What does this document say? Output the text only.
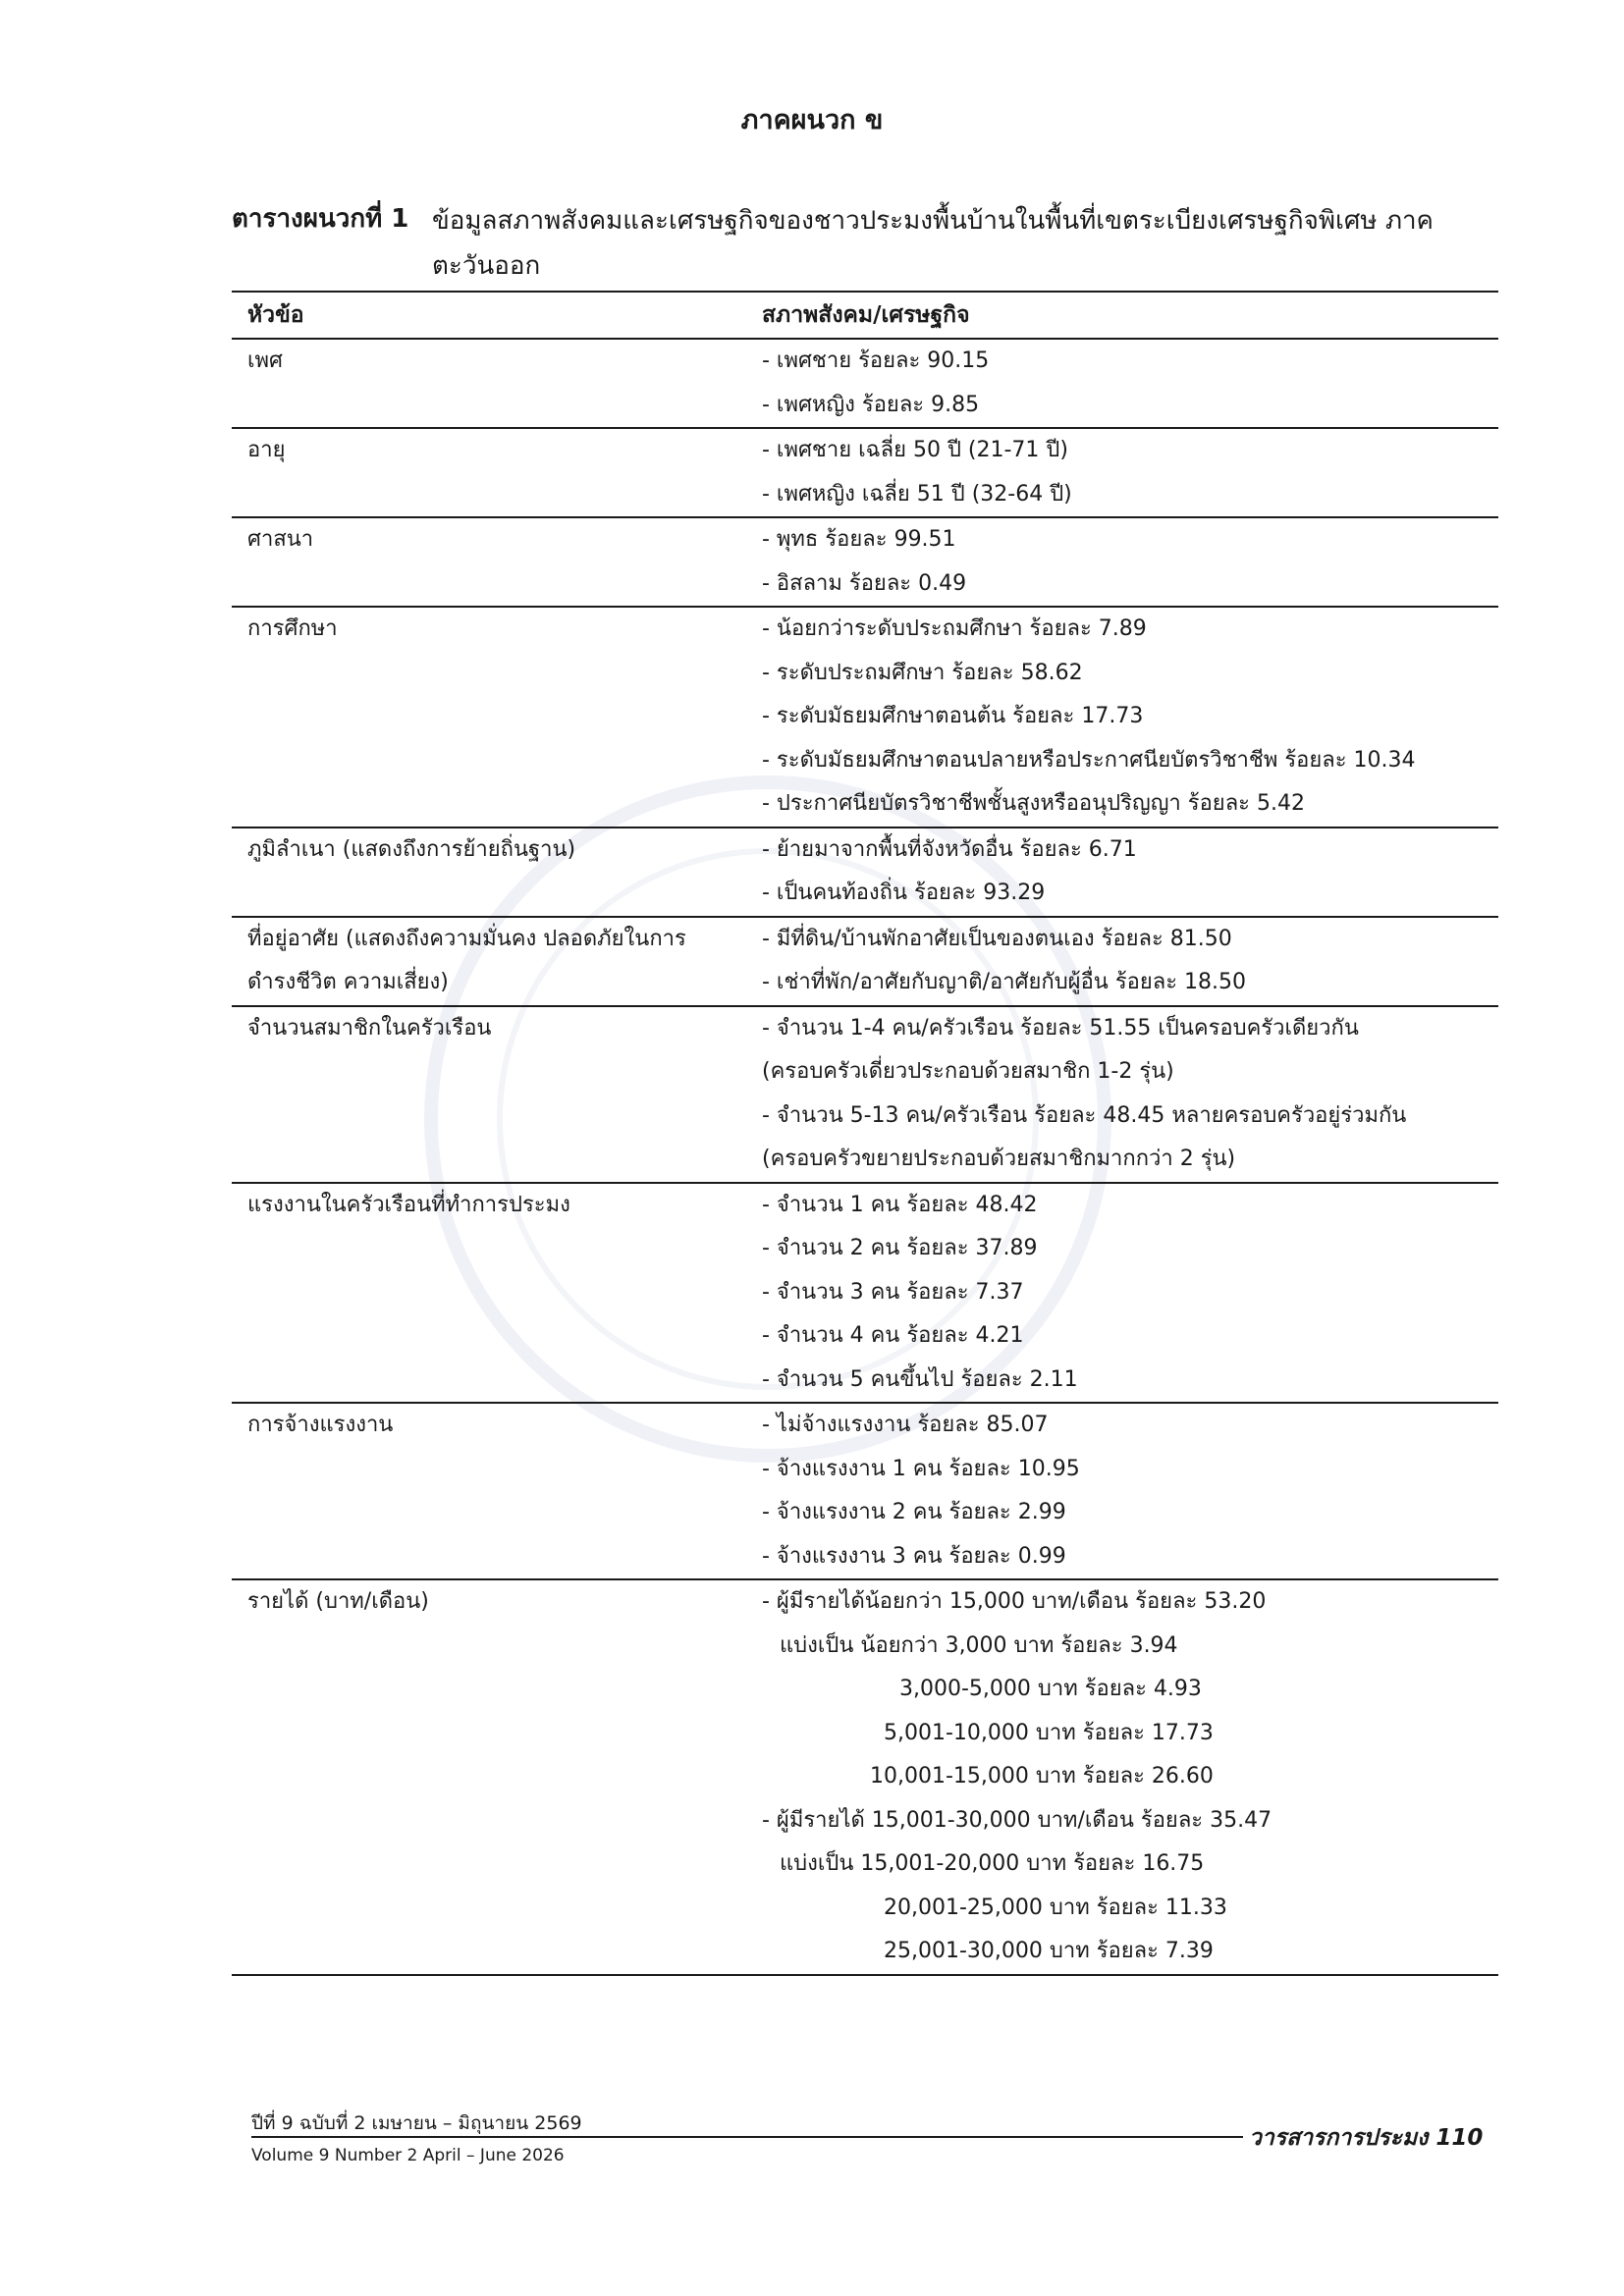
ภาคผนวก ข
ตารางผนวกที่ 1 ข้อมูลสภาพสังคมและเศรษฐกิจของชาวประมงพื้นบ้านในพื้นที่เขตระเบียงเศรษฐกิจพิเศษ ภาคตะวันออก
หัวข้อ	สภาพสังคม/เศรษฐกิจ
เพศ	- เพศชาย ร้อยละ 90.15
- เพศหญิง ร้อยละ 9.85
อายุ	- เพศชาย เฉลี่ย 50 ปี (21-71 ปี)
- เพศหญิง เฉลี่ย 51 ปี (32-64 ปี)
ศาสนา	- พุทธ ร้อยละ 99.51
- อิสลาม ร้อยละ 0.49
การศึกษา	- น้อยกว่าระดับประถมศึกษา ร้อยละ 7.89
- ระดับประถมศึกษา ร้อยละ 58.62
- ระดับมัธยมศึกษาตอนต้น ร้อยละ 17.73
- ระดับมัธยมศึกษาตอนปลายหรือประกาศนียบัตรวิชาชีพ ร้อยละ 10.34
- ประกาศนียบัตรวิชาชีพชั้นสูงหรืออนุปริญญา ร้อยละ 5.42
ภูมิลำเนา (แสดงถึงการย้ายถิ่นฐาน)	- ย้ายมาจากพื้นที่จังหวัดอื่น ร้อยละ 6.71
- เป็นคนท้องถิ่น ร้อยละ 93.29
ที่อยู่อาศัย (แสดงถึงความมั่นคง ปลอดภัยในการ
ดำรงชีวิต ความเสี่ยง)
- มีที่ดิน/บ้านพักอาศัยเป็นของตนเอง ร้อยละ 81.50
- เช่าที่พัก/อาศัยกับญาติ/อาศัยกับผู้อื่น ร้อยละ 18.50
จำนวนสมาชิกในครัวเรือน	- จำนวน 1-4 คน/ครัวเรือน ร้อยละ 51.55 เป็นครอบครัวเดียวกัน
(ครอบครัวเดี่ยวประกอบด้วยสมาชิก 1-2 รุ่น)
- จำนวน 5-13 คน/ครัวเรือน ร้อยละ 48.45 หลายครอบครัวอยู่ร่วมกัน
(ครอบครัวขยายประกอบด้วยสมาชิกมากกว่า 2 รุ่น)
แรงงานในครัวเรือนที่ทำการประมง	- จำนวน 1 คน ร้อยละ 48.42
- จำนวน 2 คน ร้อยละ 37.89
- จำนวน 3 คน ร้อยละ 7.37
- จำนวน 4 คน ร้อยละ 4.21
- จำนวน 5 คนขึ้นไป ร้อยละ 2.11
การจ้างแรงงาน	- ไม่จ้างแรงงาน ร้อยละ 85.07
- จ้างแรงงาน 1 คน ร้อยละ 10.95
- จ้างแรงงาน 2 คน ร้อยละ 2.99
- จ้างแรงงาน 3 คน ร้อยละ 0.99
รายได้ (บาท/เดือน)	- ผู้มีรายได้น้อยกว่า 15,000 บาท/เดือน ร้อยละ 53.20
แบ่งเป็น น้อยกว่า 3,000 บาท ร้อยละ 3.94
3,000-5,000 บาท ร้อยละ 4.93
5,001-10,000 บาท ร้อยละ 17.73
10,001-15,000 บาท ร้อยละ 26.60
- ผู้มีรายได้ 15,001-30,000 บาท/เดือน ร้อยละ 35.47
แบ่งเป็น 15,001-20,000 บาท ร้อยละ 16.75
20,001-25,000 บาท ร้อยละ 11.33
25,001-30,000 บาท ร้อยละ 7.39
ปีที่ 9 ฉบับที่ 2 เมษายน – มิถุนายน 2569
Volume 9 Number 2 April – June 2026
วารสารการประมง 110
